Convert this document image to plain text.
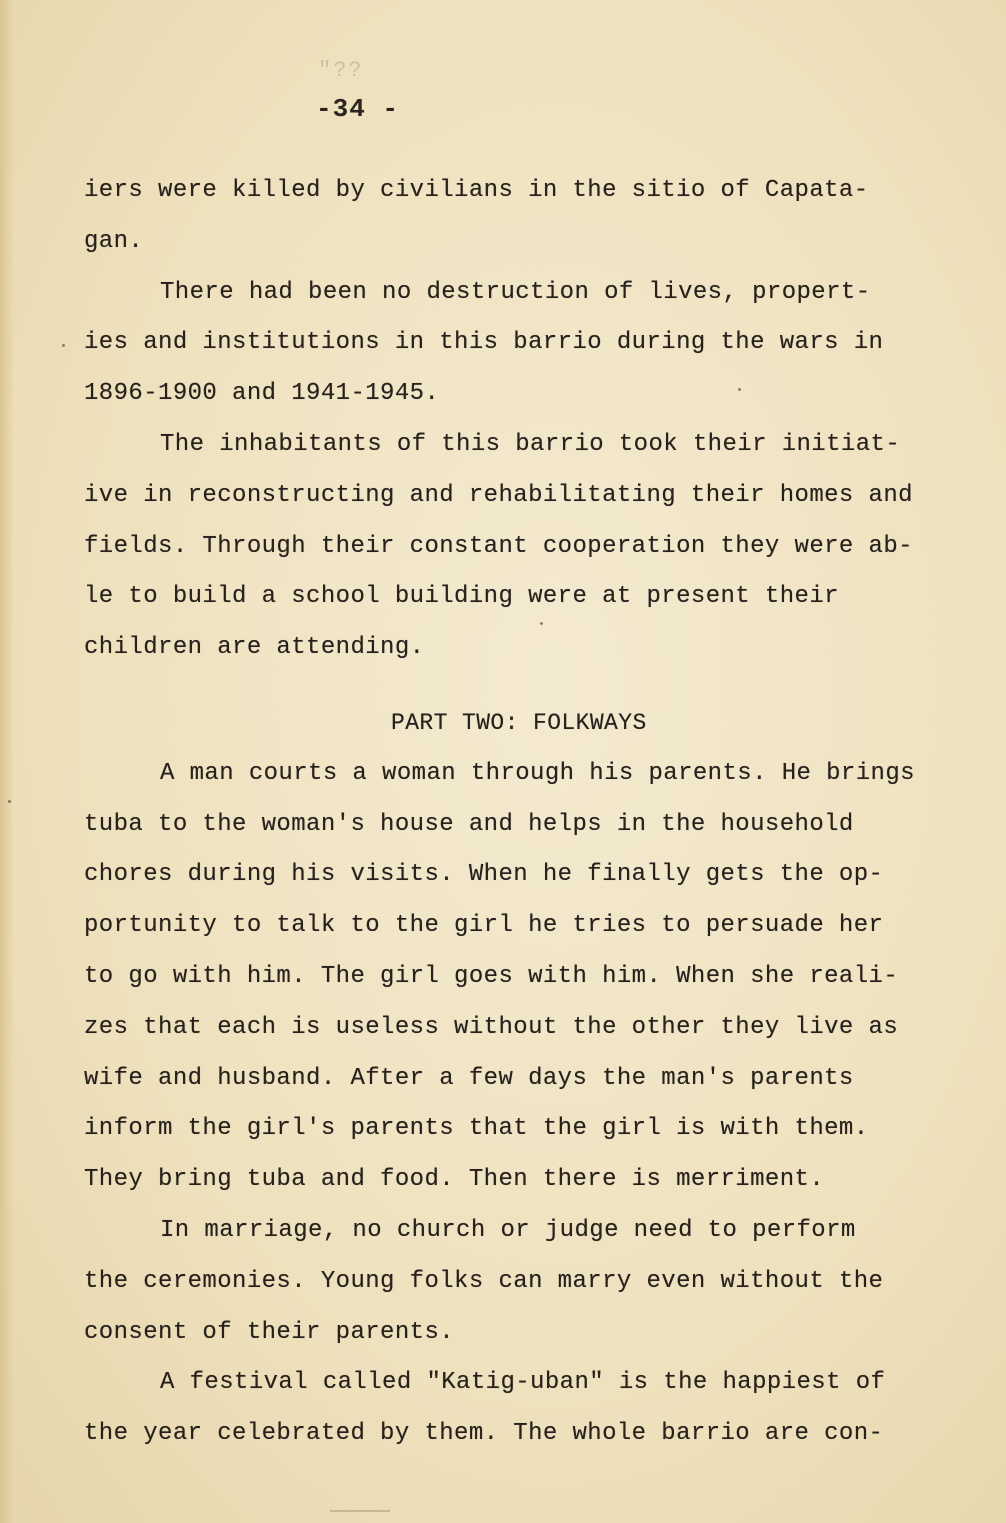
"??
-34 -
iers were killed by civilians in the sitio of Capata-
gan.
There had been no destruction of lives, propert-
ies and institutions in this barrio during the wars in
1896-1900 and 1941-1945.
The inhabitants of this barrio took their initiat-
ive in reconstructing and rehabilitating their homes and
fields. Through their constant cooperation they were ab-
le to build a school building were at present their
children are attending.
PART TWO: FOLKWAYS
A man courts a woman through his parents. He brings
tuba to the woman's house and helps in the household
chores during his visits. When he finally gets the op-
portunity to talk to the girl he tries to persuade her
to go with him. The girl goes with him. When she reali-
zes that each is useless without the other they live as
wife and husband. After a few days the man's parents
inform the girl's parents that the girl is with them.
They bring tuba and food. Then there is merriment.
In marriage, no church or judge need to perform
the ceremonies. Young folks can marry even without the
consent of their parents.
A festival called "Katig-uban" is the happiest of
the year celebrated by them. The whole barrio are con-
